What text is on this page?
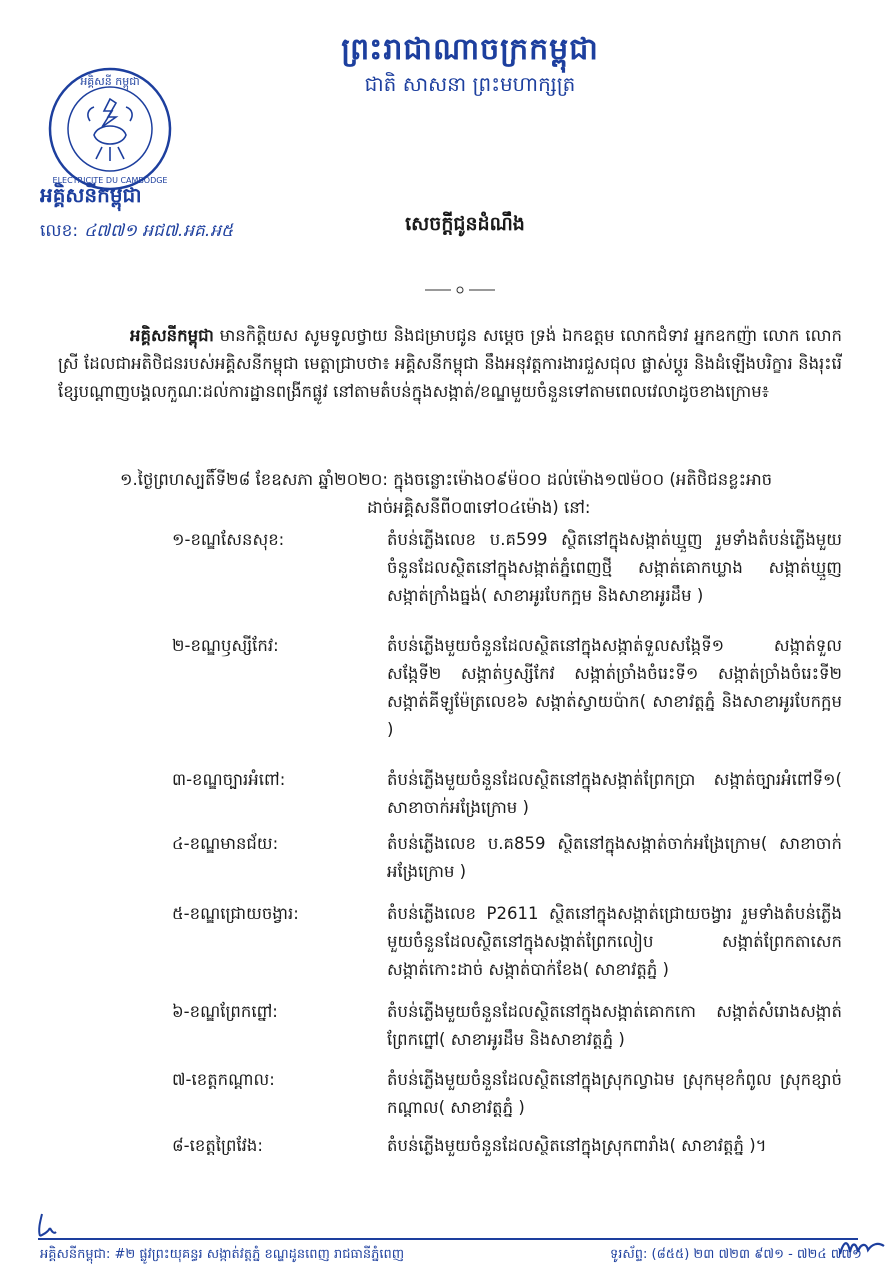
ព្រះរាជាណាចក្រកម្ពុជា
ជាតិ សាសនា ព្រះមហាក្សត្រ
អគ្គិសនី កម្ពុជា
ELECTRICITE DU CAMBODGE
អគ្គិសនីកម្ពុជា
លេខ: ៤៧៧១ អជ៧.អគ.អ៥	សេចក្តីជូនដំណឹង
អគ្គិសនីកម្ពុជា មានកិត្តិយស សូមទូលថ្វាយ និងជម្រាបជូន សម្តេច ទ្រង់ ឯកឧត្តម លោកជំទាវ អ្នកឧកញ៉ា លោក លោកស្រី ដែលជាអតិថិជនរបស់អគ្គិសនីកម្ពុជា មេត្តាជ្រាបថា៖ អគ្គិសនីកម្ពុជា នឹងអនុវត្តការងារជួសជុល ផ្លាស់ប្តូរ និងដំឡើងបរិក្ខារ និងរុះរើខ្សែបណ្តាញបង្គលកួណៈដល់ការដ្ឋានពង្រីកផ្លូវ នៅតាមតំបន់ក្នុងសង្កាត់/ខណ្ឌមួយចំនួនទៅតាមពេលវេលាដូចខាងក្រោម៖
១.ថ្ងៃព្រហស្បតិ៍ទី២៨ ខែឧសភា ឆ្នាំ២០២០: ក្នុងចន្លោះម៉ោង០៩ម៉០០ ដល់ម៉ោង១៧ម៉០០ (អតិថិជនខ្លះអាច
ដាច់អគ្គិសនីពី០៣ទៅ០៤ម៉ោង) នៅ:
១-ខណ្ឌសែនសុខ:	តំបន់ភ្លើងលេខ ប.គ599 ស្ថិតនៅក្នុងសង្កាត់ឃ្មួញ រួមទាំងតំបន់ភ្លើងមួយចំនួនដែលស្ថិតនៅក្នុងសង្កាត់ភ្នំពេញថ្មី សង្កាត់គោកឃ្លាង សង្កាត់ឃ្មួញ សង្កាត់ក្រាំងធ្នង់( សាខាអូរបែកក្អម និងសាខាអូរដឹម )
២-ខណ្ឌឫស្សីកែវ:	តំបន់ភ្លើងមួយចំនួនដែលស្ថិតនៅក្នុងសង្កាត់ទួលសង្កែទី១ សង្កាត់ទួលសង្កែទី២ សង្កាត់ឫស្សីកែវ សង្កាត់ច្រាំងចំរេះទី១ សង្កាត់ច្រាំងចំរេះទី២ សង្កាត់គីឡូម៉ែត្រលេខ៦ សង្កាត់ស្វាយប៉ាក( សាខាវត្តភ្នំ និងសាខាអូរបែកក្អម )
៣-ខណ្ឌច្បារអំពៅ:	តំបន់ភ្លើងមួយចំនួនដែលស្ថិតនៅក្នុងសង្កាត់ព្រែកប្រា សង្កាត់ច្បារអំពៅទី១( សាខាចាក់អង្រែក្រោម )
៤-ខណ្ឌមានជ័យ:	តំបន់ភ្លើងលេខ ប.គ859 ស្ថិតនៅក្នុងសង្កាត់ចាក់អង្រែក្រោម( សាខាចាក់អង្រែក្រោម )
៥-ខណ្ឌជ្រោយចង្វារ:	តំបន់ភ្លើងលេខ P2611 ស្ថិតនៅក្នុងសង្កាត់ជ្រោយចង្វារ រួមទាំងតំបន់ភ្លើងមួយចំនួនដែលស្ថិតនៅក្នុងសង្កាត់ព្រែកលៀប សង្កាត់ព្រែកតាសេក សង្កាត់កោះដាច់ សង្កាត់បាក់ខែង( សាខាវត្តភ្នំ )
៦-ខណ្ឌព្រែកព្នៅ:	តំបន់ភ្លើងមួយចំនួនដែលស្ថិតនៅក្នុងសង្កាត់គោកកោ សង្កាត់សំរោងសង្កាត់ព្រែកព្នៅ( សាខាអូរដឹម និងសាខាវត្តភ្នំ )
៧-ខេត្តកណ្តាល:	តំបន់ភ្លើងមួយចំនួនដែលស្ថិតនៅក្នុងស្រុកល្វាឯម ស្រុកមុខកំពូល ស្រុកខ្សាច់កណ្តាល( សាខាវត្តភ្នំ )
៨-ខេត្តព្រៃវែង:	តំបន់ភ្លើងមួយចំនួនដែលស្ថិតនៅក្នុងស្រុកពារាំង( សាខាវត្តភ្នំ )។
អគ្គិសនីកម្ពុជា: #២ ផ្លូវព្រះយុគន្ធរ សង្កាត់វត្តភ្នំ ខណ្ឌដូនពេញ រាជធានីភ្នំពេញ	ទូរស័ព្ទ: (៨៥៥) ២៣ ៧២៣ ៩៧១ - ៧២៤ ៧៧១
